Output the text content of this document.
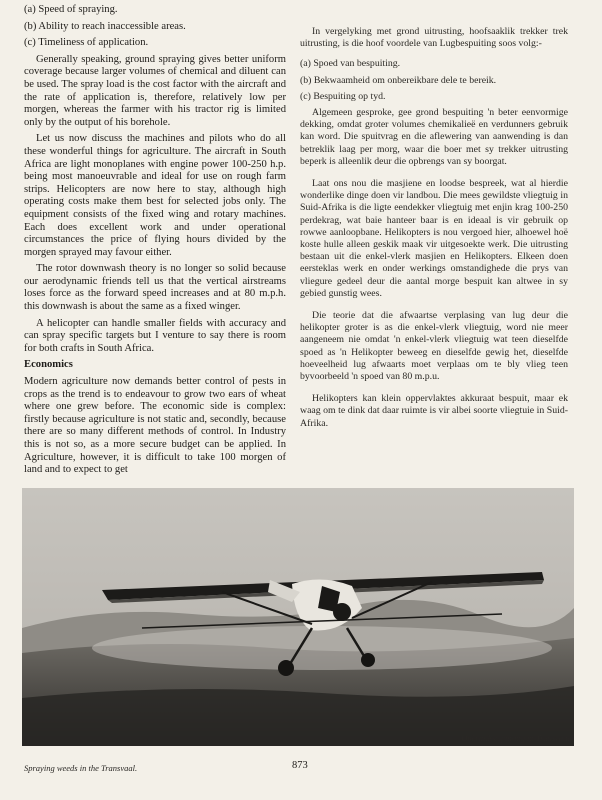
(a) Speed of spraying.

(b) Ability to reach inaccessible areas.

(c) Timeliness of application.

Generally speaking, ground spraying gives better uniform coverage because larger volumes of chemical and diluent can be used. The spray load is the cost factor with the aircraft and the rate of application is, therefore, relatively low per morgen, whereas the farmer with his tractor rig is limited only by the output of his borehole.

Let us now discuss the machines and pilots who do all these wonderful things for agriculture. The aircraft in South Africa are light monoplanes with engine power 100-250 h.p. being most manoeuvrable and ideal for use on rough farm strips. Helicopters are now here to stay, although high operating costs make them best for selected jobs only. The equipment consists of the fixed wing and rotary machines. Each does excellent work and under operational circumstances the price of flying hours divided by the morgen sprayed may favour either.

The rotor downwash theory is no longer so solid because our aerodynamic friends tell us that the vertical airstreams loses force as the forward speed increases and at 80 m.p.h. this downwash is about the same as a fixed winger.

A helicopter can handle smaller fields with accuracy and can spray specific targets but I venture to say there is room for both crafts in South Africa.

Economics

Modern agriculture now demands better control of pests in crops as the trend is to endeavour to grow two ears of wheat where one grew before. The economic side is complex: firstly because agriculture is not static and, secondly, because there are so many different methods of control. In Industry this is not so, as a more secure budget can be applied. In Agriculture, however, it is difficult to take 100 morgen of land and to expect to get

In vergelyking met grond uitrusting, hoofsaaklik trekker trek uitrusting, is die hoof voordele van Lugbespuiting soos volg:-

(a) Spoed van bespuiting.

(b) Bekwaamheid om onbereikbare dele te bereik.

(c) Bespuiting op tyd.

Algemeen gesproke, gee grond bespuiting 'n beter eenvormige dekking, omdat groter volumes chemikalieë en verdunners gebruik kan word. Die spuitvrag en die aflewering van aanwending is dan betreklik laag per morg, waar die boer met sy trekker uitrusting beperk is alleenlik deur die opbrengs van sy boorgat.

Laat ons nou die masjiene en loodse bespreek, wat al hierdie wonderlike dinge doen vir landbou. Die mees gewildste vliegtuig in Suid-Afrika is die ligte eendekker vliegtuig met enjin krag 100-250 perdekrag, wat baie hanteer baar is en ideaal is vir gebruik op rowwe aanloopbane. Helikopters is nou vergoed hier, alhoewel hoë koste hulle alleen geskik maak vir uitgesoekte werk. Die uitrusting bestaan uit die enkel-vlerk masjien en Helikopters. Elkeen doen eersteklas werk en onder werkings omstandighede die prys van vliegure gedeel deur die aantal morge bespuit kan altwee in sy gebied gunstig wees.

Die teorie dat die afwaartse verplasing van lug deur die helikopter groter is as die enkel-vlerk vliegtuig, word nie meer aangeneem nie omdat 'n enkel-vlerk vliegtuig wat teen dieselfde spoed as 'n Helikopter beweeg en dieselfde gewig het, dieselfde hoeveelheid lug afwaarts moet verplaas om te bly vlieg teen byvoorbeeld 'n spoed van 80 m.p.u.

Helikopters kan klein oppervlaktes akkuraat bespuit, maar ek waag om te dink dat daar ruimte is vir albei soorte vliegtuie in Suid-Afrika.

Onkruidbespuiting in Transvaal.
Spraying weeds in the Transvaal.	873
